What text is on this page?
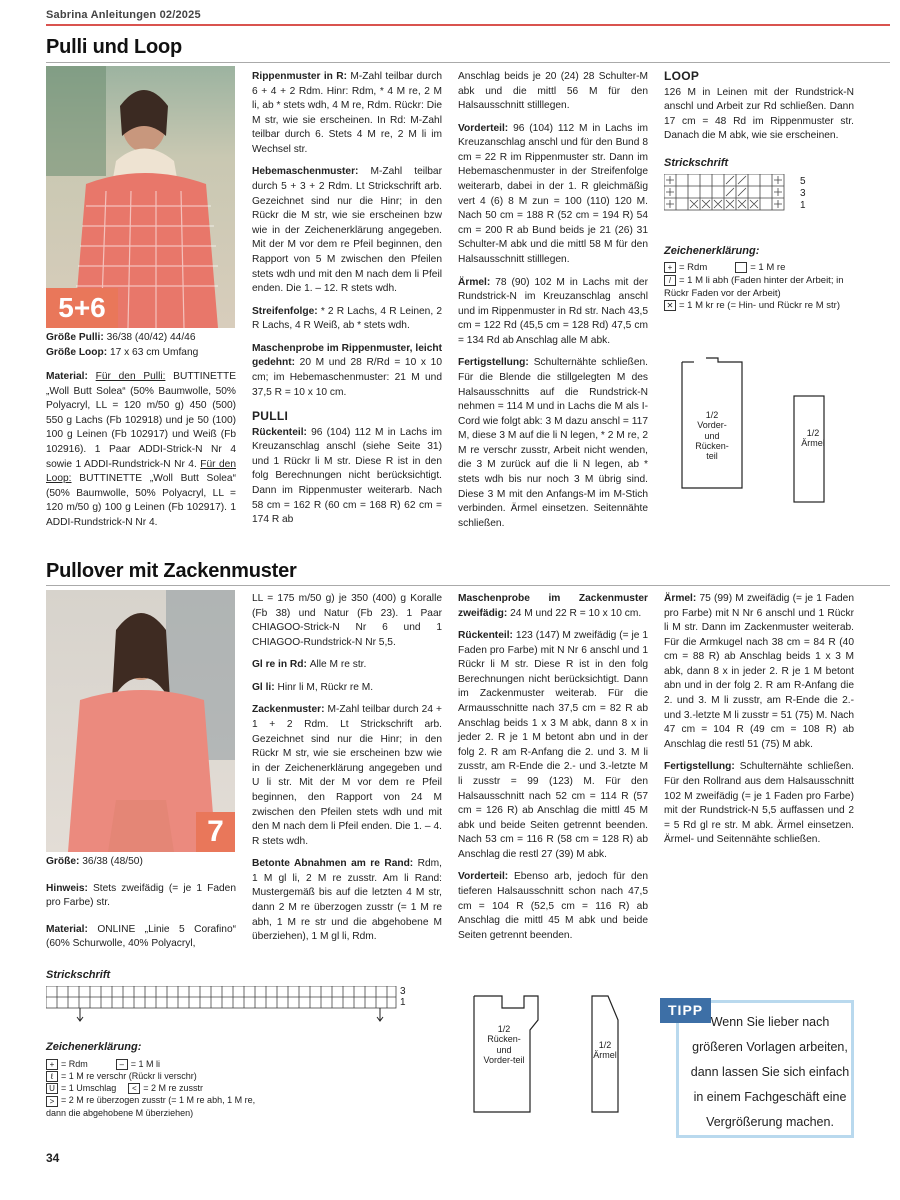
Sabrina Anleitungen 02/2025
Pulli und Loop
5+6

Größe Pulli: 36/38 (40/42) 44/46
Größe Loop: 17 x 63 cm Umfang

Material: Für den Pulli: BUTTINETTE „Woll Butt Solea“ (50% Baumwolle, 50% Polyacryl, LL = 120 m/50 g) 450 (500) 550 g Lachs (Fb 102918) und je 50 (100) 100 g Leinen (Fb 102917) und Weiß (Fb 102916). 1 Paar ADDI-Strick-N Nr 4 sowie 1 ADDI-Rundstrick-N Nr 4. Für den Loop: BUTTINETTE „Woll Butt Solea“ (50% Baumwolle, 50% Polyacryl, LL = 120 m/50 g) 100 g Leinen (Fb 102917). 1 ADDI-Rundstrick-N Nr 4.

Rippenmuster in R: M-Zahl teilbar durch 6 + 4 + 2 Rdm. Hinr: Rdm, * 4 M re, 2 M li, ab * stets wdh, 4 M re, Rdm. Rückr: Die M str, wie sie erscheinen. In Rd: M-Zahl teilbar durch 6. Stets 4 M re, 2 M li im Wechsel str.

Hebemaschenmuster: M-Zahl teilbar durch 5 + 3 + 2 Rdm. Lt Strickschrift arb. Gezeichnet sind nur die Hinr; in den Rückr die M str, wie sie erscheinen bzw wie in der Zeichenerklärung angegeben. Mit der M vor dem re Pfeil beginnen, den Rapport von 5 M zwischen den Pfeilen stets wdh und mit den M nach dem li Pfeil enden. Die 1. – 12. R stets wdh.

Streifenfolge: * 2 R Lachs, 4 R Leinen, 2 R Lachs, 4 R Weiß, ab * stets wdh.

Maschenprobe im Rippenmuster, leicht gedehnt: 20 M und 28 R/Rd = 10 x 10 cm; im Hebemaschenmuster: 21 M und 37,5 R = 10 x 10 cm.

PULLI
Rückenteil: 96 (104) 112 M in Lachs im Kreuzanschlag anschl (siehe Seite 31) und 1 Rückr li M str. Diese R ist in den folg Berechnungen nicht berücksichtigt. Dann im Rippenmuster weiterarb. Nach 58 cm = 162 R (60 cm = 168 R) 62 cm = 174 R ab

Anschlag beids je 20 (24) 28 Schulter-M abk und die mittl 56 M für den Halsausschnitt stilllegen.

Vorderteil: 96 (104) 112 M in Lachs im Kreuzanschlag anschl und für den Bund 8 cm = 22 R im Rippenmuster str. Dann im Hebemaschenmuster in der Streifenfolge weiterarb, dabei in der 1. R gleichmäßig vert 4 (6) 8 M zun = 100 (110) 120 M. Nach 50 cm = 188 R (52 cm = 194 R) 54 cm = 200 R ab Bund beids je 21 (26) 31 Schulter-M abk und die mittl 58 M für den Halsausschnitt stilllegen.

Ärmel: 78 (90) 102 M in Lachs mit der Rundstrick-N im Kreuzanschlag anschl und im Rippenmuster in Rd str. Nach 43,5 cm = 122 Rd (45,5 cm = 128 Rd) 47,5 cm = 134 Rd ab Anschlag alle M abk.

Fertigstellung: Schulternähte schließen. Für die Blende die stillgelegten M des Halsausschnitts auf die Rundstrick-N nehmen = 114 M und in Lachs die M als I-Cord wie folgt abk: 3 M dazu anschl = 117 M, diese 3 M auf die li N legen, * 2 M re, 2 M re verschr zusstr, Arbeit nicht wenden, die 3 M zurück auf die li N legen, ab * stets wdh bis nur noch 3 M übrig sind. Diese 3 M mit den Anfangs-M im M-Stich verbinden. Ärmel einsetzen. Seitennähte schließen.

LOOP
126 M in Leinen mit der Rundstrick-N anschl und Arbeit zur Rd schließen. Dann 17 cm = 48 Rd im Rippenmuster str. Danach die M abk, wie sie erscheinen.

Strickschrift
5
3
1
Zeichenerklärung:
+ = Rdm	= 1 M re
/ = 1 M li abh (Faden hinter der Arbeit; in Rückr Faden vor der Arbeit)
✕ = 1 M kr re (= Hin- und Rückr re M str)
1/2 Vorder- und Rücken-teil
1/2 Ärmel
Pullover mit Zackenmuster
7

Größe: 36/38 (48/50)

Hinweis: Stets zweifädig (= je 1 Faden pro Farbe) str.

Material: ONLINE „Linie 5 Corafino“ (60% Schurwolle, 40% Polyacryl,

LL = 175 m/50 g) je 350 (400) g Koralle (Fb 38) und Natur (Fb 23). 1 Paar CHIAGOO-Strick-N Nr 6 und 1 CHIAGOO-Rundstrick-N Nr 5,5.

Gl re in Rd: Alle M re str.

Gl li: Hinr li M, Rückr re M.

Zackenmuster: M-Zahl teilbar durch 24 + 1 + 2 Rdm. Lt Strickschrift arb. Gezeichnet sind nur die Hinr; in den Rückr M str, wie sie erscheinen bzw wie in der Zeichenerklärung angegeben und U li str. Mit der M vor dem re Pfeil beginnen, den Rapport von 24 M zwischen den Pfeilen stets wdh und mit den M nach dem li Pfeil enden. Die 1. – 4. R stets wdh.

Betonte Abnahmen am re Rand: Rdm, 1 M gl li, 2 M re zusstr. Am li Rand: Mustergemäß bis auf die letzten 4 M str, dann 2 M re überzogen zusstr (= 1 M re abh, 1 M re str und die abgehobene M überziehen), 1 M gl li, Rdm.

Maschenprobe im Zackenmuster zweifädig: 24 M und 22 R = 10 x 10 cm.

Rückenteil: 123 (147) M zweifädig (= je 1 Faden pro Farbe) mit N Nr 6 anschl und 1 Rückr li M str. Diese R ist in den folg Berechnungen nicht berücksichtigt. Dann im Zackenmuster weiterab. Für die Armausschnitte nach 37,5 cm = 82 R ab Anschlag beids 1 x 3 M abk, dann 8 x in jeder 2. R je 1 M betont abn und in der folg 2. R am R-Anfang die 2. und 3. M li zusstr, am R-Ende die 2.- und 3.-letzte M li zusstr = 99 (123) M. Für den Halsausschnitt nach 52 cm = 114 R (57 cm = 126 R) ab Anschlag die mittl 45 M abk und beide Seiten getrennt beenden. Nach 53 cm = 116 R (58 cm = 128 R) ab Anschlag die restl 27 (39) M abk.

Vorderteil: Ebenso arb, jedoch für den tieferen Halsausschnitt schon nach 47,5 cm = 104 R (52,5 cm = 116 R) ab Anschlag die mittl 45 M abk und beide Seiten getrennt beenden.

Ärmel: 75 (99) M zweifädig (= je 1 Faden pro Farbe) mit N Nr 6 anschl und 1 Rückr li M str. Dann im Zackenmuster weiterab. Für die Armkugel nach 38 cm = 84 R (40 cm = 88 R) ab Anschlag beids 1 x 3 M abk, dann 8 x in jeder 2. R je 1 M betont abn und in der folg 2. R am R-Anfang die 2. und 3. M li zusstr, am R-Ende die 2.- und 3.-letzte M li zusstr = 51 (75) M. Nach 47 cm = 104 R (49 cm = 108 R) ab Anschlag die restl 51 (75) M abk.

Fertigstellung: Schulternähte schließen. Für den Rollrand aus dem Halsausschnitt 102 M zweifädig (= je 1 Faden pro Farbe) mit der Rundstrick-N 5,5 auffassen und 2 = 5 Rd gl re str. M abk. Ärmel einsetzen. Ärmel- und Seitennähte schließen.

Strickschrift
3
1
Zeichenerklärung:
+ = Rdm	– = 1 M li
ℓ = 1 M re verschr (Rückr li verschr)
U = 1 Umschlag < = 2 M re zusstr
> = 2 M re überzogen zusstr (= 1 M re abh, 1 M re, dann die abgehobene M überziehen)
1/2 Rücken- und Vorder-teil
1/2 Ärmel
TIPP
Wenn Sie lieber nach größeren Vorlagen arbeiten, dann lassen Sie sich einfach in einem Fachgeschäft eine Vergrößerung machen.
34
